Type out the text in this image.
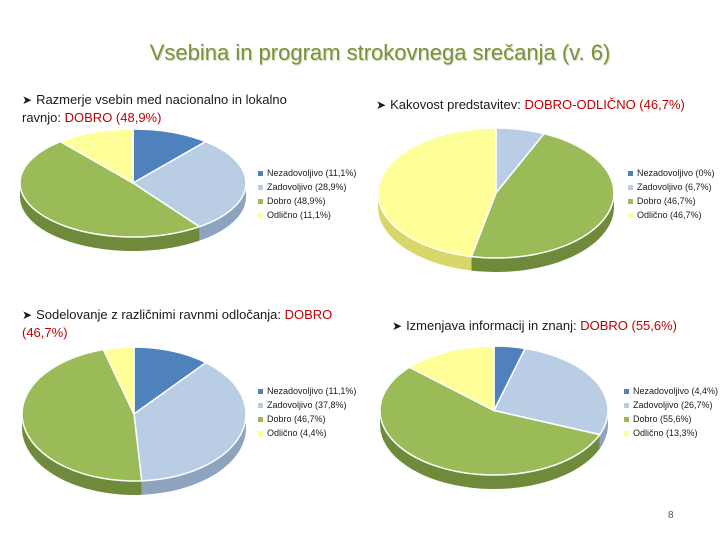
Vsebina in program strokovnega srečanja (v. 6)
➤ Razmerje vsebin med nacionalno in lokalno ravnjo: DOBRO (48,9%)
Nezadovoljivo (11,1%)
Zadovoljivo (28,9%)
Dobro (48,9%)
Odlično (11,1%)
➤ Kakovost predstavitev: DOBRO-ODLIČNO (46,7%)
Nezadovoljivo (0%)
Zadovoljivo (6,7%)
Dobro (46,7%)
Odlično (46,7%)
➤ Sodelovanje z različnimi ravnmi odločanja: DOBRO (46,7%)
Nezadovoljivo (11,1%)
Zadovoljivo (37,8%)
Dobro (46,7%)
Odlično (4,4%)
➤ Izmenjava informacij in znanj: DOBRO (55,6%)
Nezadovoljivo (4,4%)
Zadovoljivo (26,7%)
Dobro (55,6%)
Odlično (13,3%)
8
